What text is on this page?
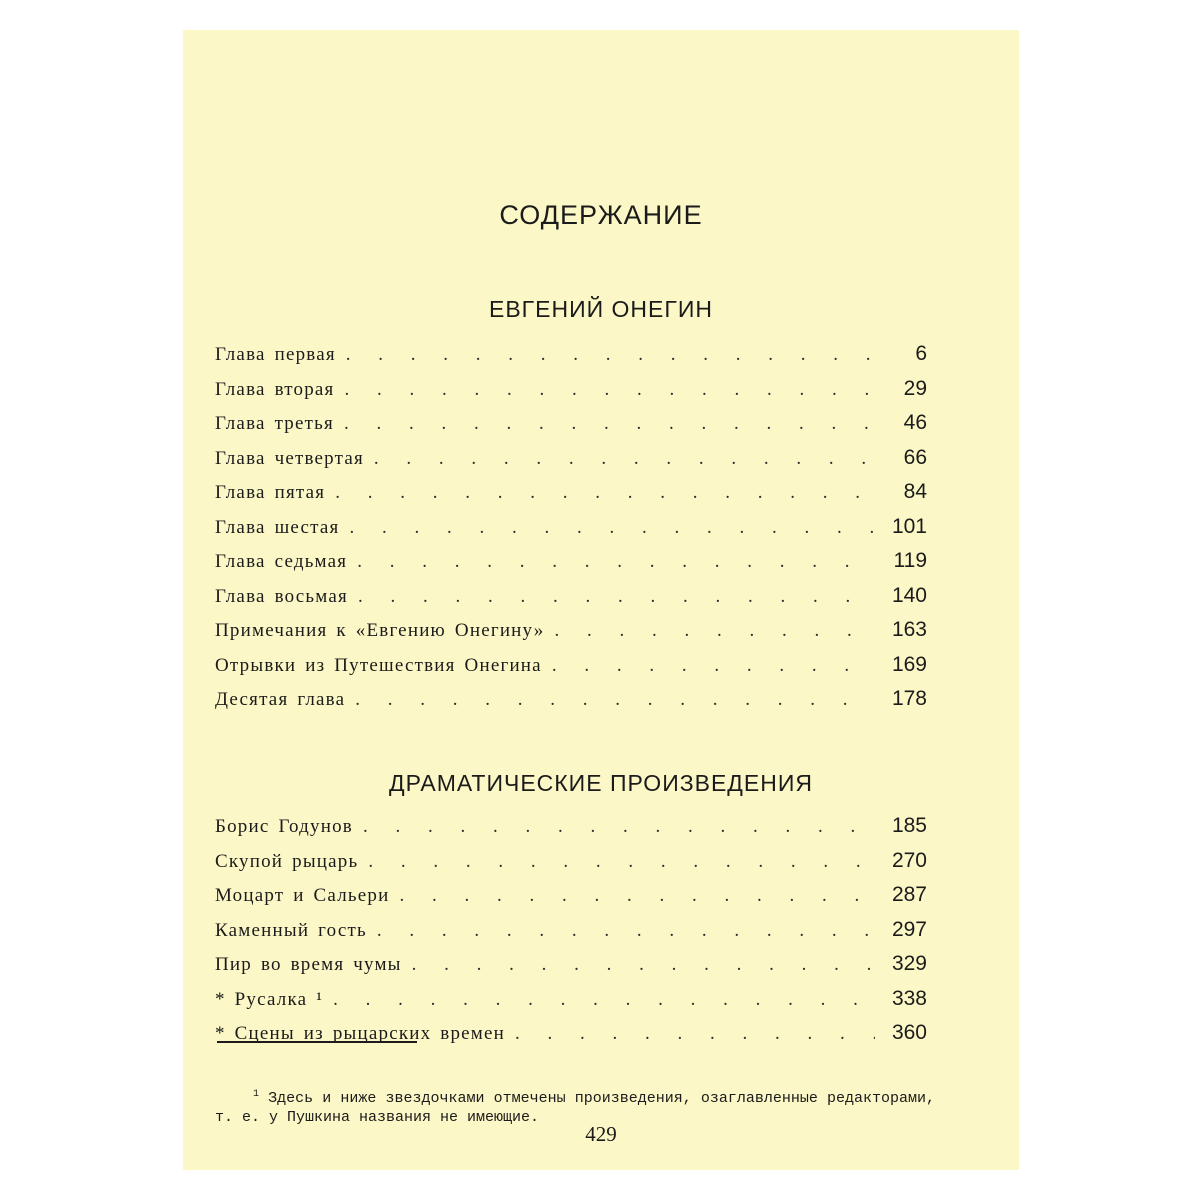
СОДЕРЖАНИЕ
ЕВГЕНИЙ ОНЕГИН
Глава первая . . .	6
Глава вторая . . .	29
Глава третья . . .	46
Глава четвертая . . .	66
Глава пятая . . .	84
Глава шестая . . .	101
Глава седьмая . . .	119
Глава восьмая . . .	140
Примечания к «Евгению Онегину» . . .	163
Отрывки из Путешествия Онегина . . .	169
Десятая глава . . .	178
ДРАМАТИЧЕСКИЕ ПРОИЗВЕДЕНИЯ
Борис Годунов . . .	185
Скупой рыцарь . . .	270
Моцарт и Сальери . . .	287
Каменный гость . . .	297
Пир во время чумы . . .	329
* Русалка ¹ . . .	338
* Сцены из рыцарских времен . . .	360

$^1$ Здесь и ниже звездочками отмечены произведения, озаглавленные редакторами, т. е. у Пушкина названия не имеющие.

429
